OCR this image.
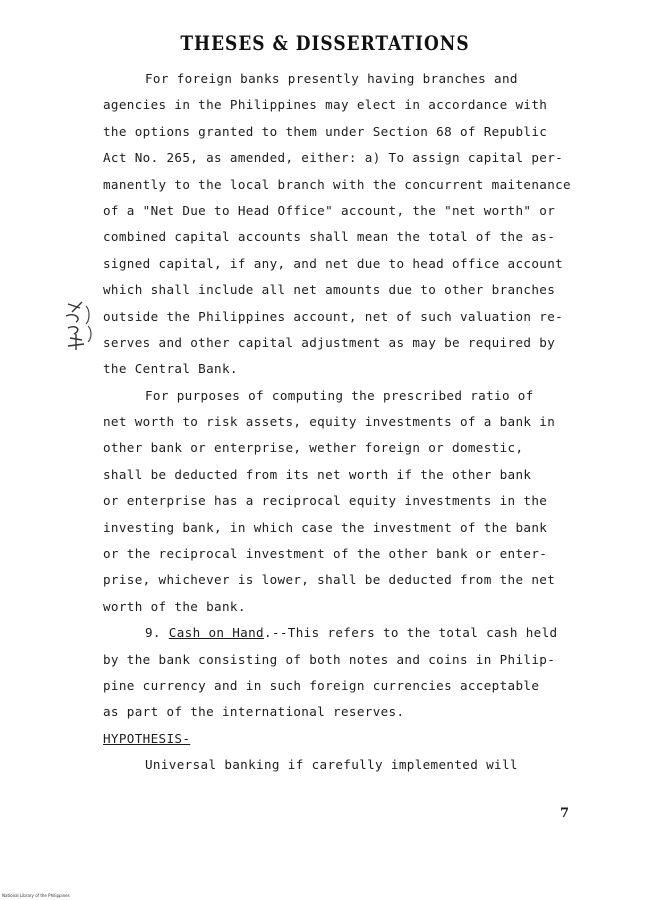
THESES & DISSERTATIONS
For foreign banks presently having branches and
agencies in the Philippines may elect in accordance with
the options granted to them under Section 68 of Republic
Act No. 265, as amended, either: a) To assign capital per-
manently to the local branch with the concurrent maitenance
of a "Net Due to Head Office" account, the "net worth" or
combined capital accounts shall mean the total of the as-
signed capital, if any, and net due to head office account
which shall include all net amounts due to other branches
outside the Philippines account, net of such valuation re-
serves and other capital adjustment as may be required by
the Central Bank.
For purposes of computing the prescribed ratio of
net worth to risk assets, equity investments of a bank in
other bank or enterprise, wether foreign or domestic,
shall be deducted from its net worth if the other bank
or enterprise has a reciprocal equity investments in the
investing bank, in which case the investment of the bank
or the reciprocal investment of the other bank or enter-
prise, whichever is lower, shall be deducted from the net
worth of the bank.
9. Cash on Hand.--This refers to the total cash held
by the bank consisting of both notes and coins in Philip-
pine currency and in such foreign currencies acceptable
as part of the international reserves.
HYPOTHESIS-
Universal banking if carefully implemented will
7
National Library of the Philippines
